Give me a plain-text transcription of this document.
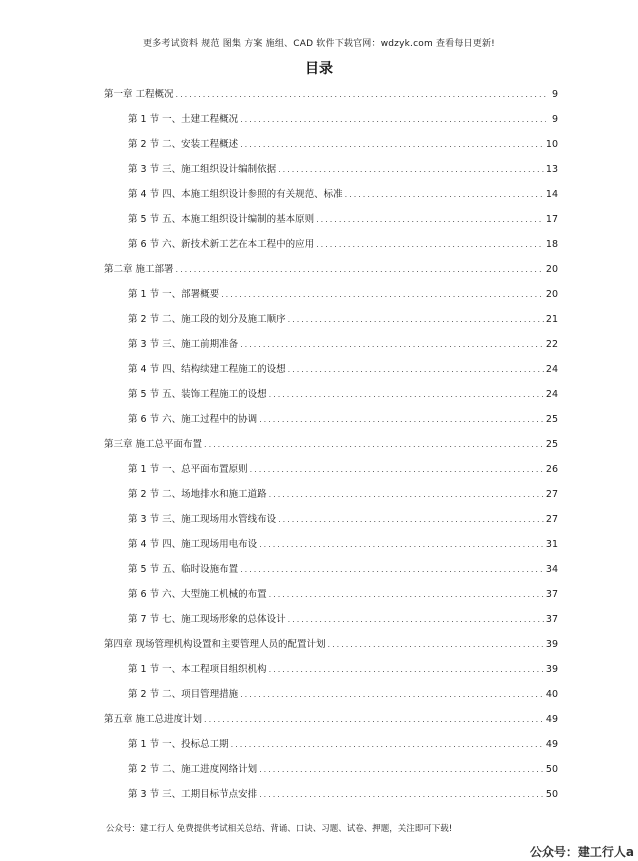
更多考试资料 规范 图集 方案 施组、CAD 软件下载官网：wdzyk.com 查看每日更新!
目录
第一章 工程概况 .....	9
第 1 节 一、土建工程概况 .....	9
第 2 节 二、安装工程概述 .....	10
第 3 节 三、施工组织设计编制依据 .....	13
第 4 节 四、本施工组织设计参照的有关规范、标准 .....	14
第 5 节 五、本施工组织设计编制的基本原则 .....	17
第 6 节 六、新技术新工艺在本工程中的应用 .....	18
第二章 施工部署 .....	20
第 1 节 一、部署概要 .....	20
第 2 节 二、施工段的划分及施工顺序 .....	21
第 3 节 三、施工前期准备 .....	22
第 4 节 四、结构续建工程施工的设想 .....	24
第 5 节 五、装饰工程施工的设想 .....	24
第 6 节 六、施工过程中的协调 .....	25
第三章 施工总平面布置 .....	25
第 1 节 一、总平面布置原则 .....	26
第 2 节 二、场地排水和施工道路 .....	27
第 3 节 三、施工现场用水管线布设 .....	27
第 4 节 四、施工现场用电布设 .....	31
第 5 节 五、临时设施布置 .....	34
第 6 节 六、大型施工机械的布置 .....	37
第 7 节 七、施工现场形象的总体设计 .....	37
第四章 现场管理机构设置和主要管理人员的配置计划 .....	39
第 1 节 一、本工程项目组织机构 .....	39
第 2 节 二、项目管理措施 .....	40
第五章 施工总进度计划 .....	49
第 1 节 一、投标总工期 .....	49
第 2 节 二、施工进度网络计划 .....	50
第 3 节 三、工期目标节点安排 .....	50
公众号：建工行人 免费提供考试相关总结、背诵、口诀、习题、试卷、押题，关注即可下载!
公众号：建工行人a
